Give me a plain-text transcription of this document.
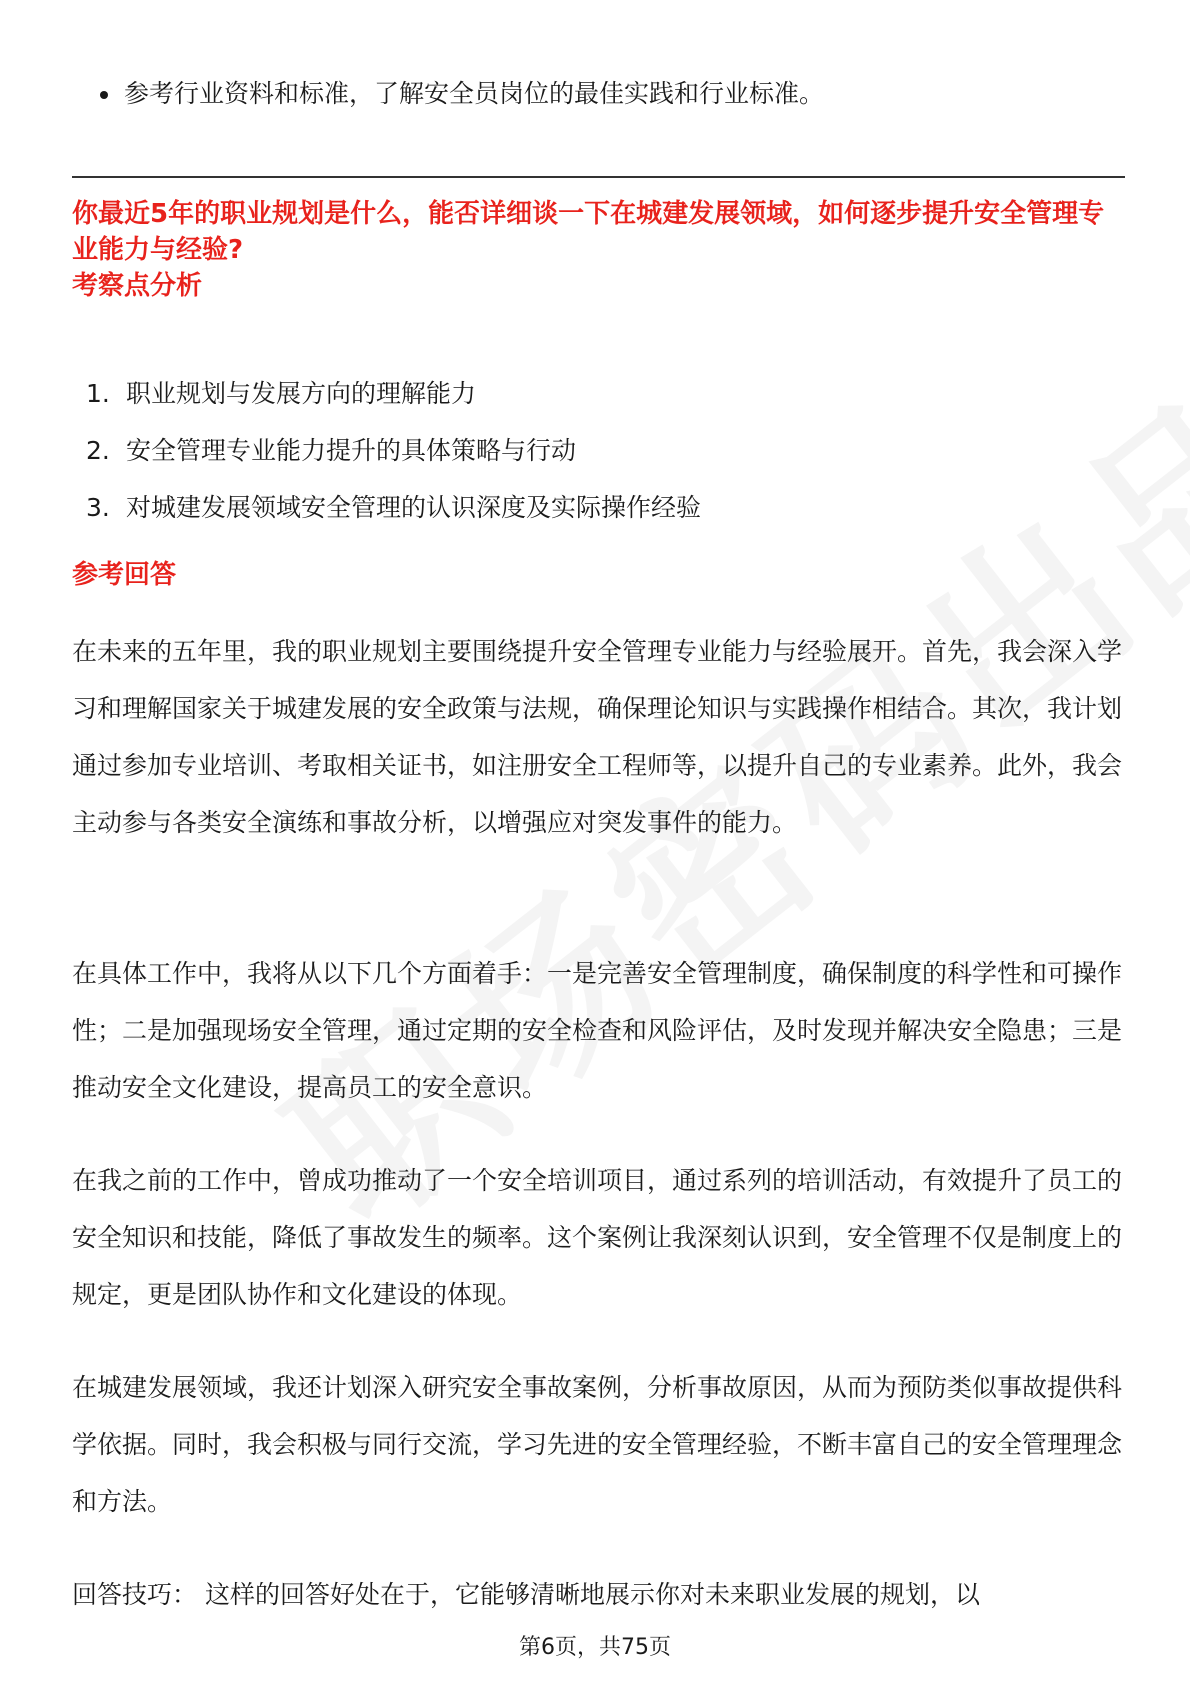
参考行业资料和标准，了解安全员岗位的最佳实践和行业标准。
你最近5年的职业规划是什么，能否详细谈一下在城建发展领域，如何逐步提升安全管理专业能力与经验?
考察点分析
1. 职业规划与发展方向的理解能力
2. 安全管理专业能力提升的具体策略与行动
3. 对城建发展领域安全管理的认识深度及实际操作经验
参考回答

在未来的五年里，我的职业规划主要围绕提升安全管理专业能力与经验展开。首先，我会深入学习和理解国家关于城建发展的安全政策与法规，确保理论知识与实践操作相结合。其次，我计划通过参加专业培训、考取相关证书，如注册安全工程师等，以提升自己的专业素养。此外，我会主动参与各类安全演练和事故分析，以增强应对突发事件的能力。

在具体工作中，我将从以下几个方面着手：一是完善安全管理制度，确保制度的科学性和可操作性；二是加强现场安全管理，通过定期的安全检查和风险评估，及时发现并解决安全隐患；三是推动安全文化建设，提高员工的安全意识。

在我之前的工作中，曾成功推动了一个安全培训项目，通过系列的培训活动，有效提升了员工的安全知识和技能，降低了事故发生的频率。这个案例让我深刻认识到，安全管理不仅是制度上的规定，更是团队协作和文化建设的体现。

在城建发展领域，我还计划深入研究安全事故案例，分析事故原因，从而为预防类似事故提供科学依据。同时，我会积极与同行交流，学习先进的安全管理经验，不断丰富自己的安全管理理念和方法。

回答技巧： 这样的回答好处在于，它能够清晰地展示你对未来职业发展的规划，以

第6页，共75页
